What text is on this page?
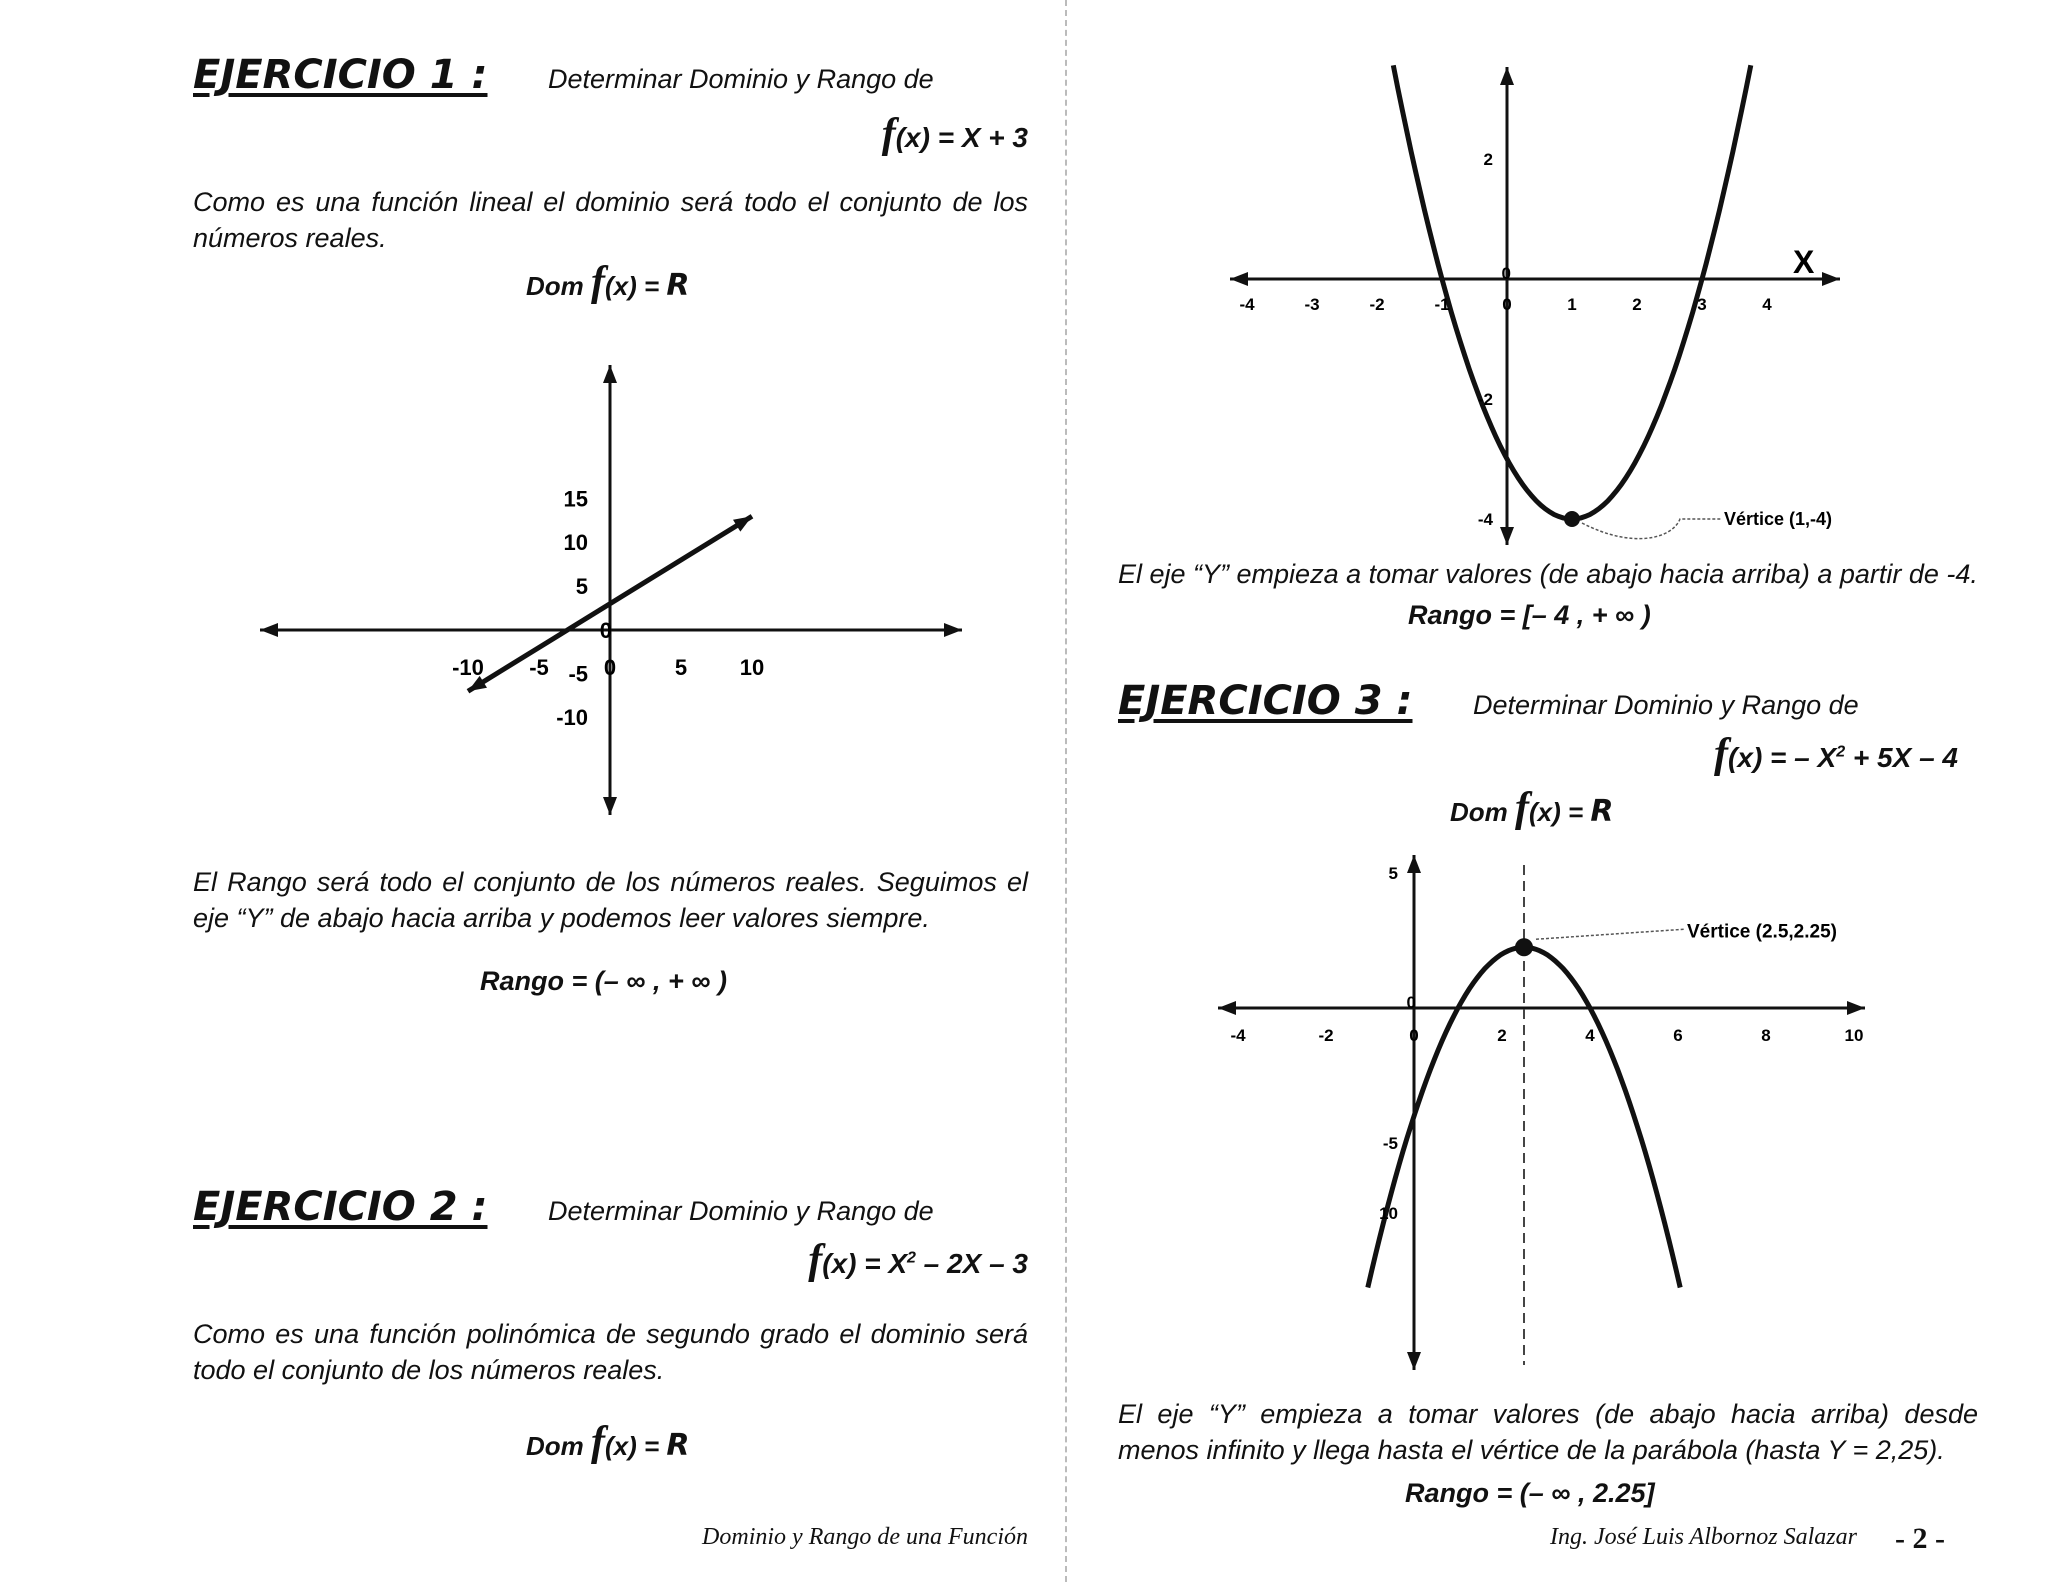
EJERCICIO 1 : Determinar Dominio y Rango de
f(x) = X + 3
Como es una función lineal el dominio será todo el conjunto de los números reales.
Dom f(x) = R
-10 -5	0	5 10
15
10
5
-5
-10
0
El Rango será todo el conjunto de los números reales. Seguimos el eje “Y” de abajo hacia arriba y podemos leer valores siempre.
Rango = (– ∞ , + ∞ )
EJERCICIO 2 : Determinar Dominio y Rango de
$f(x) = X^2 - 2X - 3$
Como es una función polinómica de segundo grado el dominio será todo el conjunto de los números reales.
Dom f(x) = R
Vértice (1,-4)
-4	-3	-2	-1	0	1	2	3	4
2
-2
-4
0	X
El eje “Y” empieza a tomar valores (de abajo hacia arriba) a partir de -4.
Rango = [– 4 , + ∞ )
EJERCICIO 3 : Determinar Dominio y Rango de
f(x) = – $X^2 + 5X - 4$
Dom f(x) = R
Vértice (2.5,2.25)
-4	-2	0	2	4	6	8	10
5
-5
10
0
El eje “Y” empieza a tomar valores (de abajo hacia arriba) desde menos infinito y llega hasta el vértice de la parábola (hasta Y = 2,25).
Rango = (– ∞ , 2.25]
Dominio y Rango de una Función	Ing. José Luis Albornoz Salazar - 2 -
